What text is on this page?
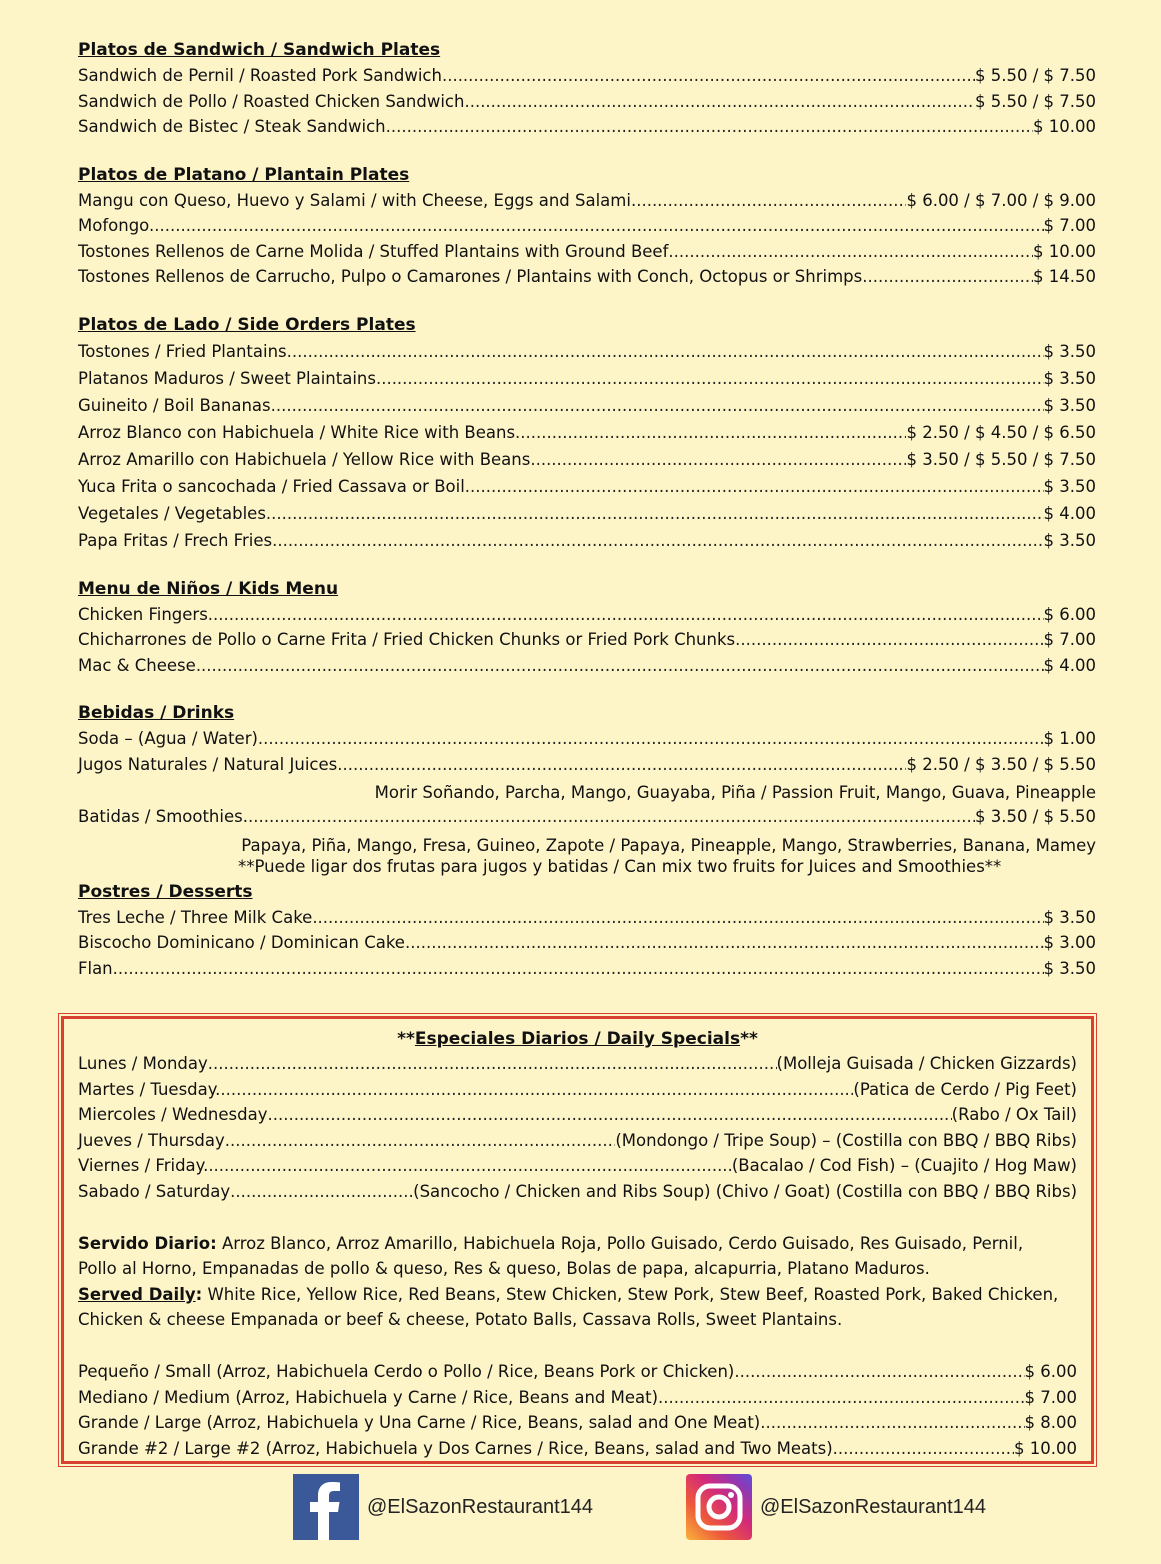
Platos de Sandwich / Sandwich Plates
Sandwich de Pernil / Roasted Pork Sandwich .....	$ 5.50 / $ 7.50
Sandwich de Pollo / Roasted Chicken Sandwich .....	$ 5.50 / $ 7.50
Sandwich de Bistec / Steak Sandwich .....	$ 10.00
Platos de Platano / Plantain Plates
Mangu con Queso, Huevo y Salami / with Cheese, Eggs and Salami. .....	$ 6.00 / $ 7.00 / $ 9.00
Mofongo. .....	$ 7.00
Tostones Rellenos de Carne Molida / Stuffed Plantains with Ground Beef .....	$ 10.00
Tostones Rellenos de Carrucho, Pulpo o Camarones / Plantains with Conch, Octopus or Shrimps .....	$ 14.50
Platos de Lado / Side Orders Plates
Tostones / Fried Plantains .....	$ 3.50
Platanos Maduros / Sweet Plaintains .....	$ 3.50
Guineito / Boil Bananas .....	$ 3.50
Arroz Blanco con Habichuela / White Rice with Beans .....	$ 2.50 / $ 4.50 / $ 6.50
Arroz Amarillo con Habichuela / Yellow Rice with Beans .....	$ 3.50 / $ 5.50 / $ 7.50
Yuca Frita o sancochada / Fried Cassava or Boil .....	$ 3.50
Vegetales / Vegetables .....	$ 4.00
Papa Fritas / Frech Fries .....	$ 3.50
Menu de Niños / Kids Menu
Chicken Fingers .....	$ 6.00
Chicharrones de Pollo o Carne Frita / Fried Chicken Chunks or Fried Pork Chunks .....	$ 7.00
Mac & Cheese .....	$ 4.00
Bebidas / Drinks
Soda – (Agua / Water) .....	$ 1.00
Jugos Naturales / Natural Juices .....	$ 2.50 / $ 3.50 / $ 5.50
Morir Soñando, Parcha, Mango, Guayaba, Piña / Passion Fruit, Mango, Guava, Pineapple
Batidas / Smoothies. .....	$ 3.50 / $ 5.50
Papaya, Piña, Mango, Fresa, Guineo, Zapote / Papaya, Pineapple, Mango, Strawberries, Banana, Mamey
**Puede ligar dos frutas para jugos y batidas / Can mix two fruits for Juices and Smoothies**
Postres / Desserts
Tres Leche / Three Milk Cake .....	$ 3.50
Biscocho Dominicano / Dominican Cake .....	$ 3.00
Flan .....	$ 3.50
**Especiales Diarios / Daily Specials**
Lunes / Monday .....	(Molleja Guisada / Chicken Gizzards)
Martes / Tuesday. .....	(Patica de Cerdo / Pig Feet)
Miercoles / Wednesday .....	(Rabo / Ox Tail)
Jueves / Thursday .....	(Mondongo / Tripe Soup) – (Costilla con BBQ / BBQ Ribs)
Viernes / Friday. .....	(Bacalao / Cod Fish) – (Cuajito / Hog Maw)
Sabado / Saturday .....	(Sancocho / Chicken and Ribs Soup) (Chivo / Goat) (Costilla con BBQ / BBQ Ribs)
Servido Diario: Arroz Blanco, Arroz Amarillo, Habichuela Roja, Pollo Guisado, Cerdo Guisado, Res Guisado, Pernil,
Pollo al Horno, Empanadas de pollo & queso, Res & queso, Bolas de papa, alcapurria, Platano Maduros.
Served Daily: White Rice, Yellow Rice, Red Beans, Stew Chicken, Stew Pork, Stew Beef, Roasted Pork, Baked Chicken,
Chicken & cheese Empanada or beef & cheese, Potato Balls, Cassava Rolls, Sweet Plantains.
Pequeño / Small (Arroz, Habichuela Cerdo o Pollo / Rice, Beans Pork or Chicken) .....	$ 6.00
Mediano / Medium (Arroz, Habichuela y Carne / Rice, Beans and Meat) .....	$ 7.00
Grande / Large (Arroz, Habichuela y Una Carne / Rice, Beans, salad and One Meat) .....	$ 8.00
Grande #2 / Large #2 (Arroz, Habichuela y Dos Carnes / Rice, Beans, salad and Two Meats) .....	$ 10.00
@ElSazonRestaurant144	@ElSazonRestaurant144
